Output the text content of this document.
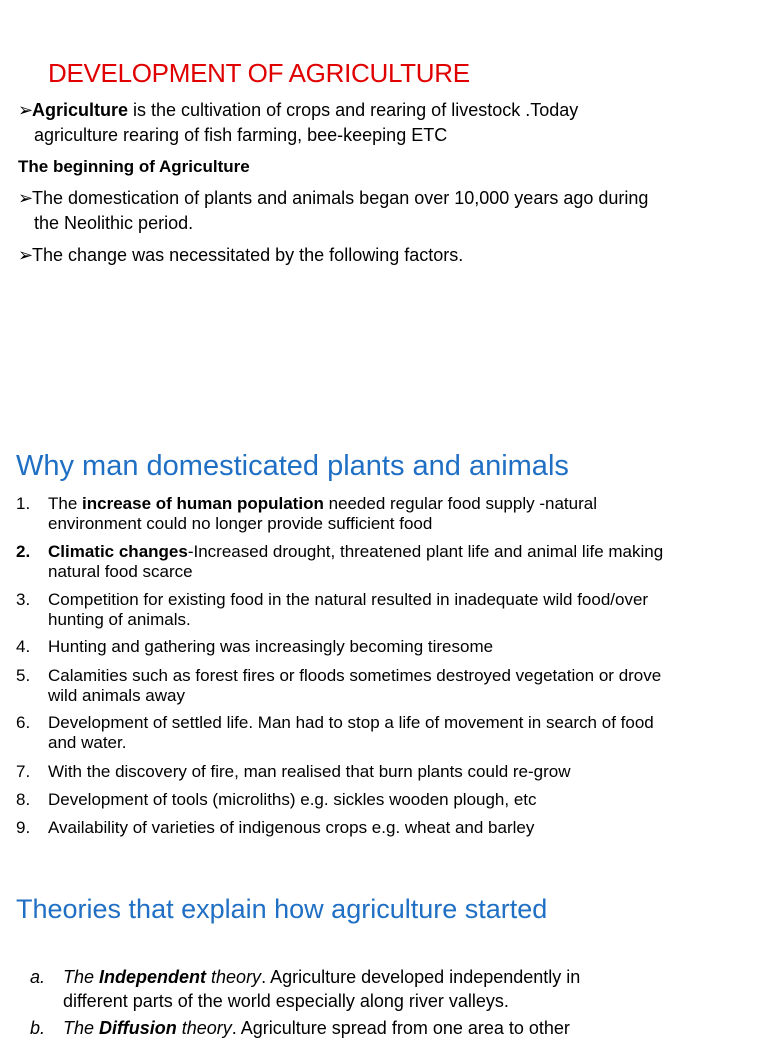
DEVELOPMENT OF AGRICULTURE
➢Agriculture is the cultivation of crops and rearing of livestock .Today
agriculture rearing of fish farming, bee-keeping ETC
The beginning of Agriculture
➢The domestication of plants and animals began over 10,000 years ago during
the Neolithic period.
➢The change was necessitated by the following factors.
Why man domesticated plants and animals
1. The increase of human population needed regular food supply -natural
environment could no longer provide sufficient food
2. Climatic changes-Increased drought, threatened plant life and animal life making
natural food scarce
3. Competition for existing food in the natural resulted in inadequate wild food/over
hunting of animals.
4. Hunting and gathering was increasingly becoming tiresome
5. Calamities such as forest fires or floods sometimes destroyed vegetation or drove
wild animals away
6. Development of settled life. Man had to stop a life of movement in search of food
and water.
7. With the discovery of fire, man realised that burn plants could re-grow
8. Development of tools (microliths) e.g. sickles wooden plough, etc
9. Availability of varieties of indigenous crops e.g. wheat and barley
Theories that explain how agriculture started
a. The Independent theory. Agriculture developed independently in
different parts of the world especially along river valleys.
b. The Diffusion theory. Agriculture spread from one area to other
